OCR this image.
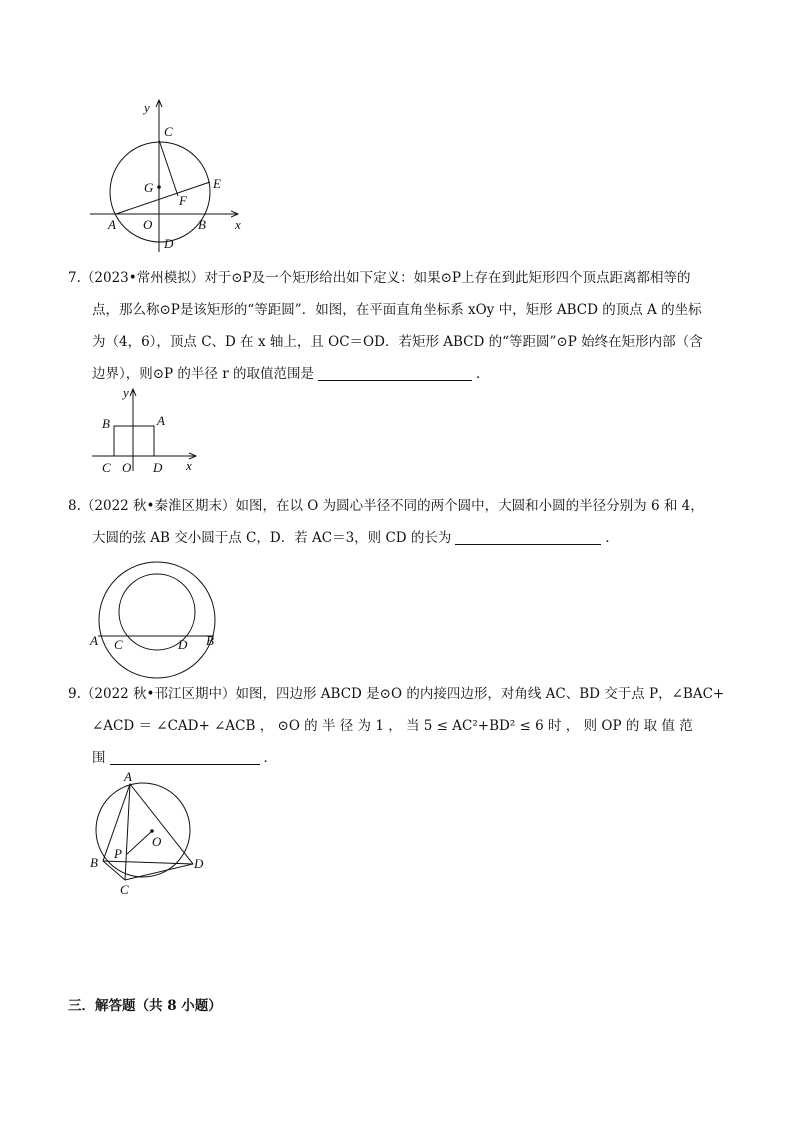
y
x
C
G	E
F
A O	B
D

7.（2023•常州模拟）对于⊙P及一个矩形给出如下定义：如果⊙P上存在到此矩形四个顶点距离都相等的

点，那么称⊙P是该矩形的“等距圆”．如图，在平面直角坐标系 xOy 中，矩形 ABCD 的顶点 A 的坐标

为（4，6），顶点 C、D 在 x 轴上，且 OC＝OD．若矩形 ABCD 的“等距圆”⊙P 始终在矩形内部（含

边界），则⊙P 的半径 r 的取值范围是	．

y
x
A
B
C O D

8.（2022 秋•秦淮区期末）如图，在以 O 为圆心半径不同的两个圆中，大圆和小圆的半径分别为 6 和 4，

大圆的弦 AB 交小圆于点 C，D．若 AC＝3，则 CD 的长为	．

A C	D B

9.（2022 秋•邗江区期中）如图，四边形 ABCD 是⊙O 的内接四边形，对角线 AC、BD 交于点 P，∠BAC+

∠ACD ＝ ∠CAD+ ∠ACB ， ⊙O 的 半 径 为 1 ， 当 5 ≤ AC²+BD² ≤ 6 时 ， 则 OP 的 取 值 范

围	．

A
O
P
B	D
C
三．解答题（共 8 小题）
